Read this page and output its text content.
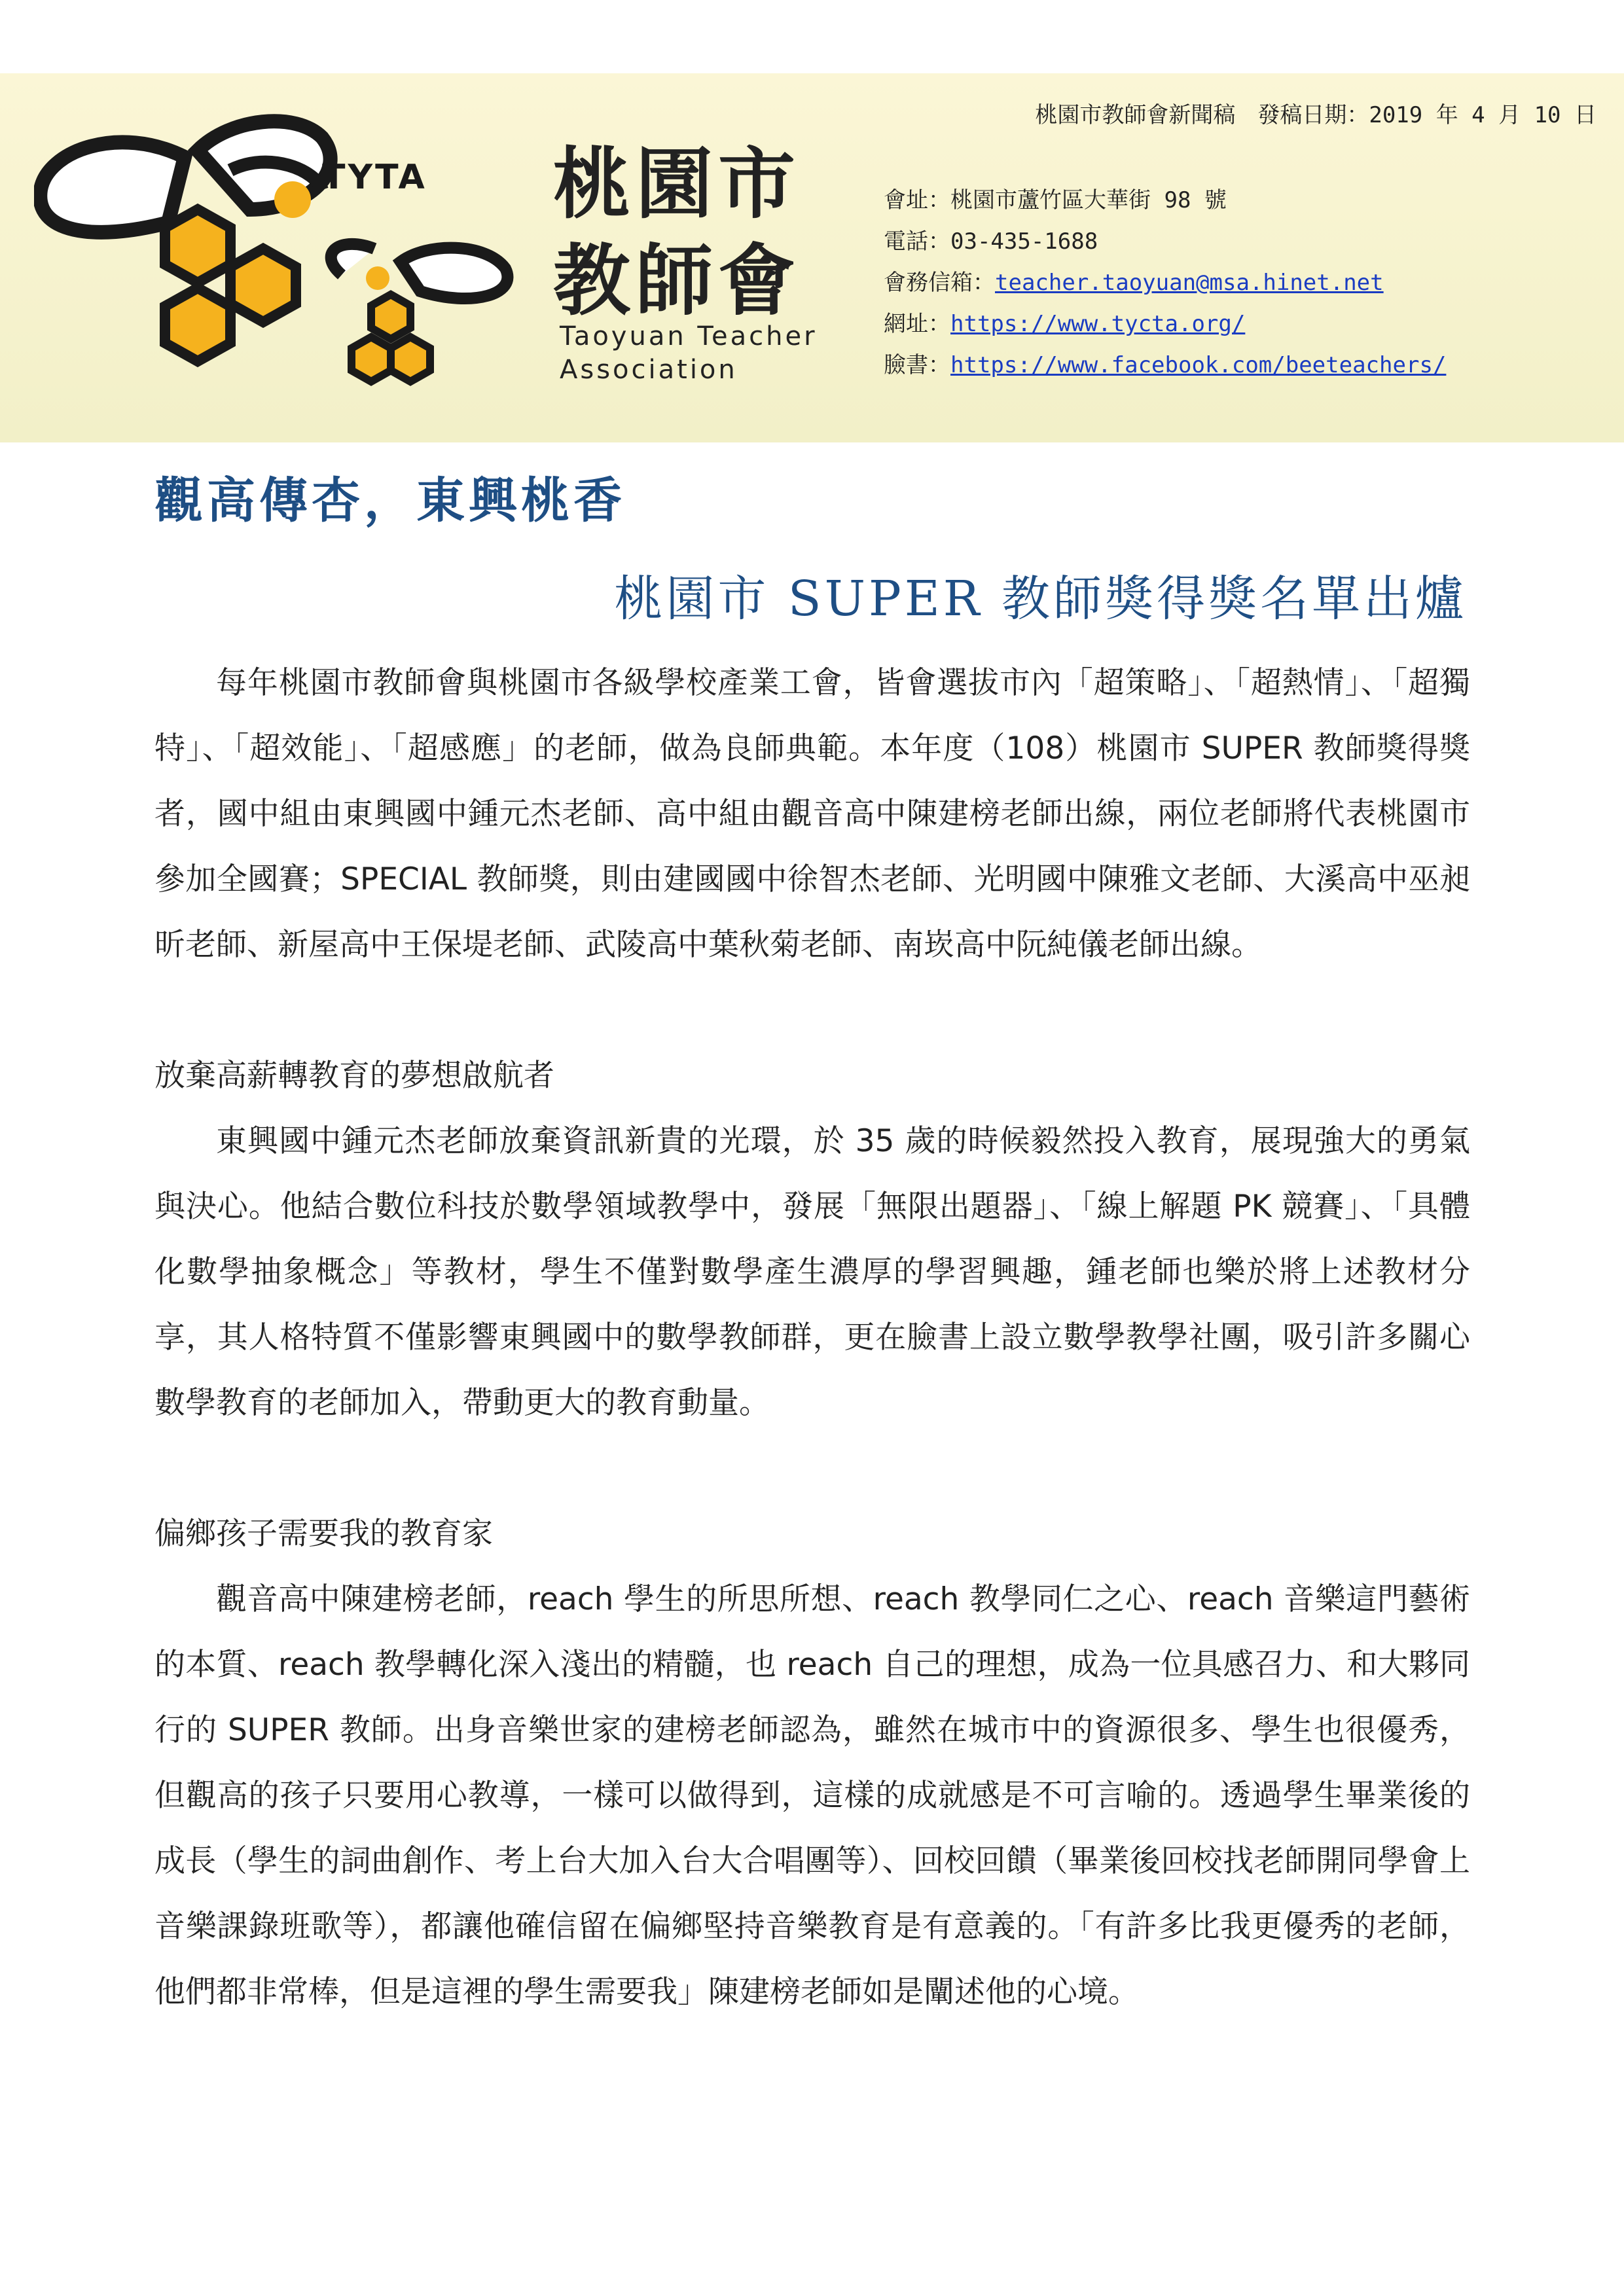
TYTA 桃園市
教師會
Taoyuan Teacher
Association
桃園市教師會新聞稿　發稿日期：2019 年 4 月 10 日
會址：桃園市蘆竹區大華街 98 號
電話：03-435-1688
會務信箱：teacher.taoyuan@msa.hinet.net
網址：https://www.tycta.org/
臉書：https://www.facebook.com/beeteachers/
觀高傳杏，東興桃香
桃園市 SUPER 教師獎得獎名單出爐

每年桃園市教師會與桃園市各級學校產業工會，皆會選拔市內「超策略」、「超熱情」、「超獨特」、「超效能」、「超感應」的老師，做為良師典範。本年度（108）桃園市 SUPER 教師獎得獎者，國中組由東興國中鍾元杰老師、高中組由觀音高中陳建榜老師出線，兩位老師將代表桃園市參加全國賽；SPECIAL 教師獎，則由建國國中徐智杰老師、光明國中陳雅文老師、大溪高中巫昶昕老師、新屋高中王保堤老師、武陵高中葉秋菊老師、南崁高中阮純儀老師出線。

放棄高薪轉教育的夢想啟航者

東興國中鍾元杰老師放棄資訊新貴的光環，於 35 歲的時候毅然投入教育，展現強大的勇氣與決心。他結合數位科技於數學領域教學中，發展「無限出題器」、「線上解題 PK 競賽」、「具體化數學抽象概念」等教材，學生不僅對數學產生濃厚的學習興趣，鍾老師也樂於將上述教材分享，其人格特質不僅影響東興國中的數學教師群，更在臉書上設立數學教學社團，吸引許多關心數學教育的老師加入，帶動更大的教育動量。

偏鄉孩子需要我的教育家

觀音高中陳建榜老師，reach 學生的所思所想、reach 教學同仁之心、reach 音樂這門藝術的本質、reach 教學轉化深入淺出的精髓，也 reach 自己的理想，成為一位具感召力、和大夥同行的 SUPER 教師。出身音樂世家的建榜老師認為，雖然在城市中的資源很多、學生也很優秀，但觀高的孩子只要用心教導，一樣可以做得到，這樣的成就感是不可言喻的。透過學生畢業後的成長（學生的詞曲創作、考上台大加入台大合唱團等）、回校回饋（畢業後回校找老師開同學會上音樂課錄班歌等），都讓他確信留在偏鄉堅持音樂教育是有意義的。「有許多比我更優秀的老師，他們都非常棒，但是這裡的學生需要我」陳建榜老師如是闡述他的心境。
